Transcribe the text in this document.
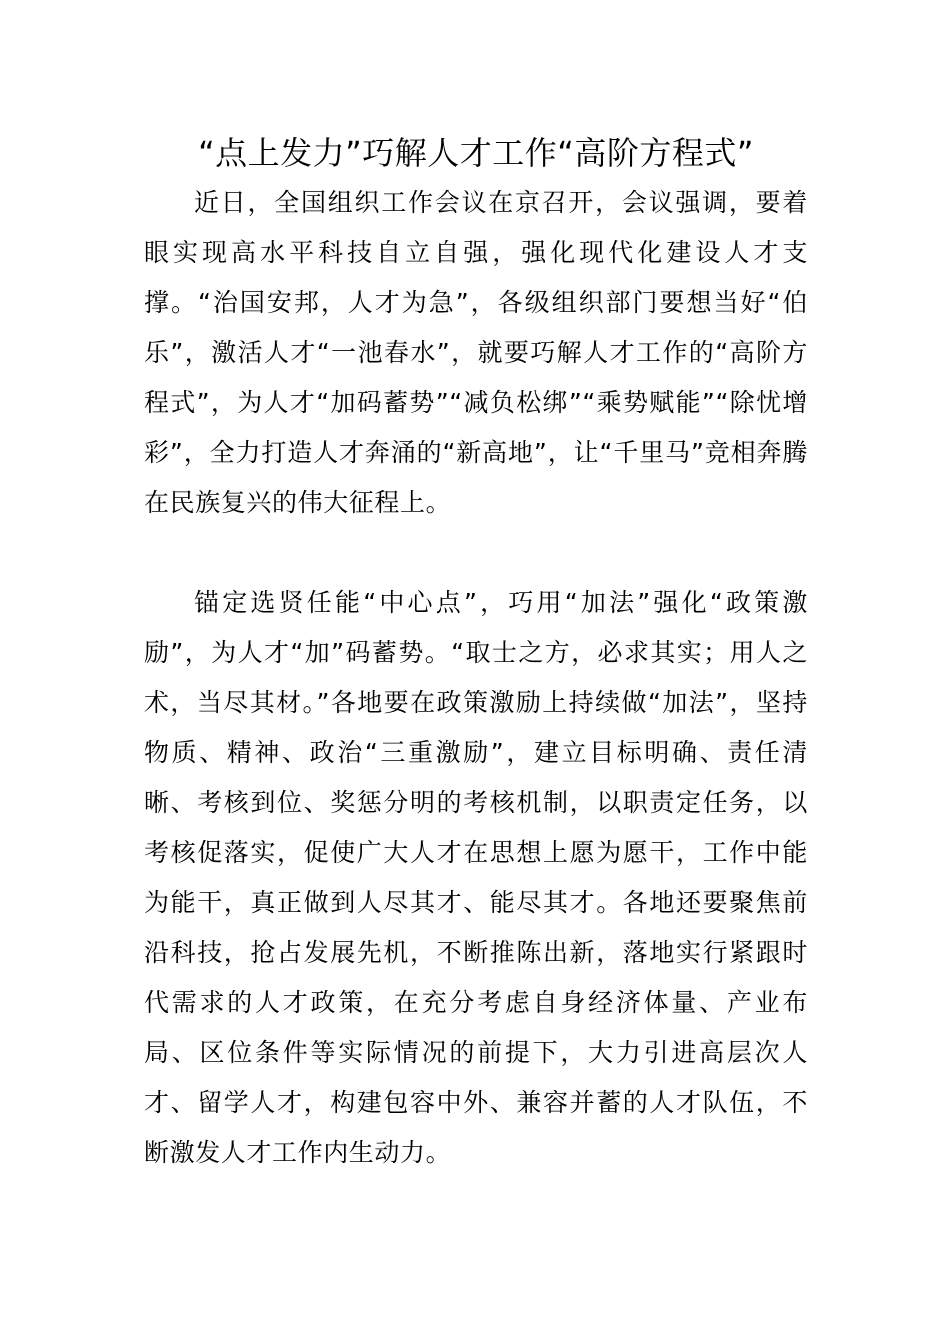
“点上发力”巧解人才工作“高阶方程式”

近日，全国组织工作会议在京召开，会议强调，要着眼实现高水平科技自立自强，强化现代化建设人才支撑。“治国安邦，人才为急”，各级组织部门要想当好“伯乐”，激活人才“一池春水”，就要巧解人才工作的“高阶方程式”，为人才“加码蓄势”“减负松绑”“乘势赋能”“除忧增彩”，全力打造人才奔涌的“新高地”，让“千里马”竞相奔腾在民族复兴的伟大征程上。

锚定选贤任能“中心点”，巧用“加法”强化“政策激励”，为人才“加”码蓄势。“取士之方，必求其实；用人之术，当尽其材。”各地要在政策激励上持续做“加法”，坚持物质、精神、政治“三重激励”，建立目标明确、责任清晰、考核到位、奖惩分明的考核机制，以职责定任务，以考核促落实，促使广大人才在思想上愿为愿干，工作中能为能干，真正做到人尽其才、能尽其才。各地还要聚焦前沿科技，抢占发展先机，不断推陈出新，落地实行紧跟时代需求的人才政策，在充分考虑自身经济体量、产业布局、区位条件等实际情况的前提下，大力引进高层次人才、留学人才，构建包容中外、兼容并蓄的人才队伍，不断激发人才工作内生动力。
